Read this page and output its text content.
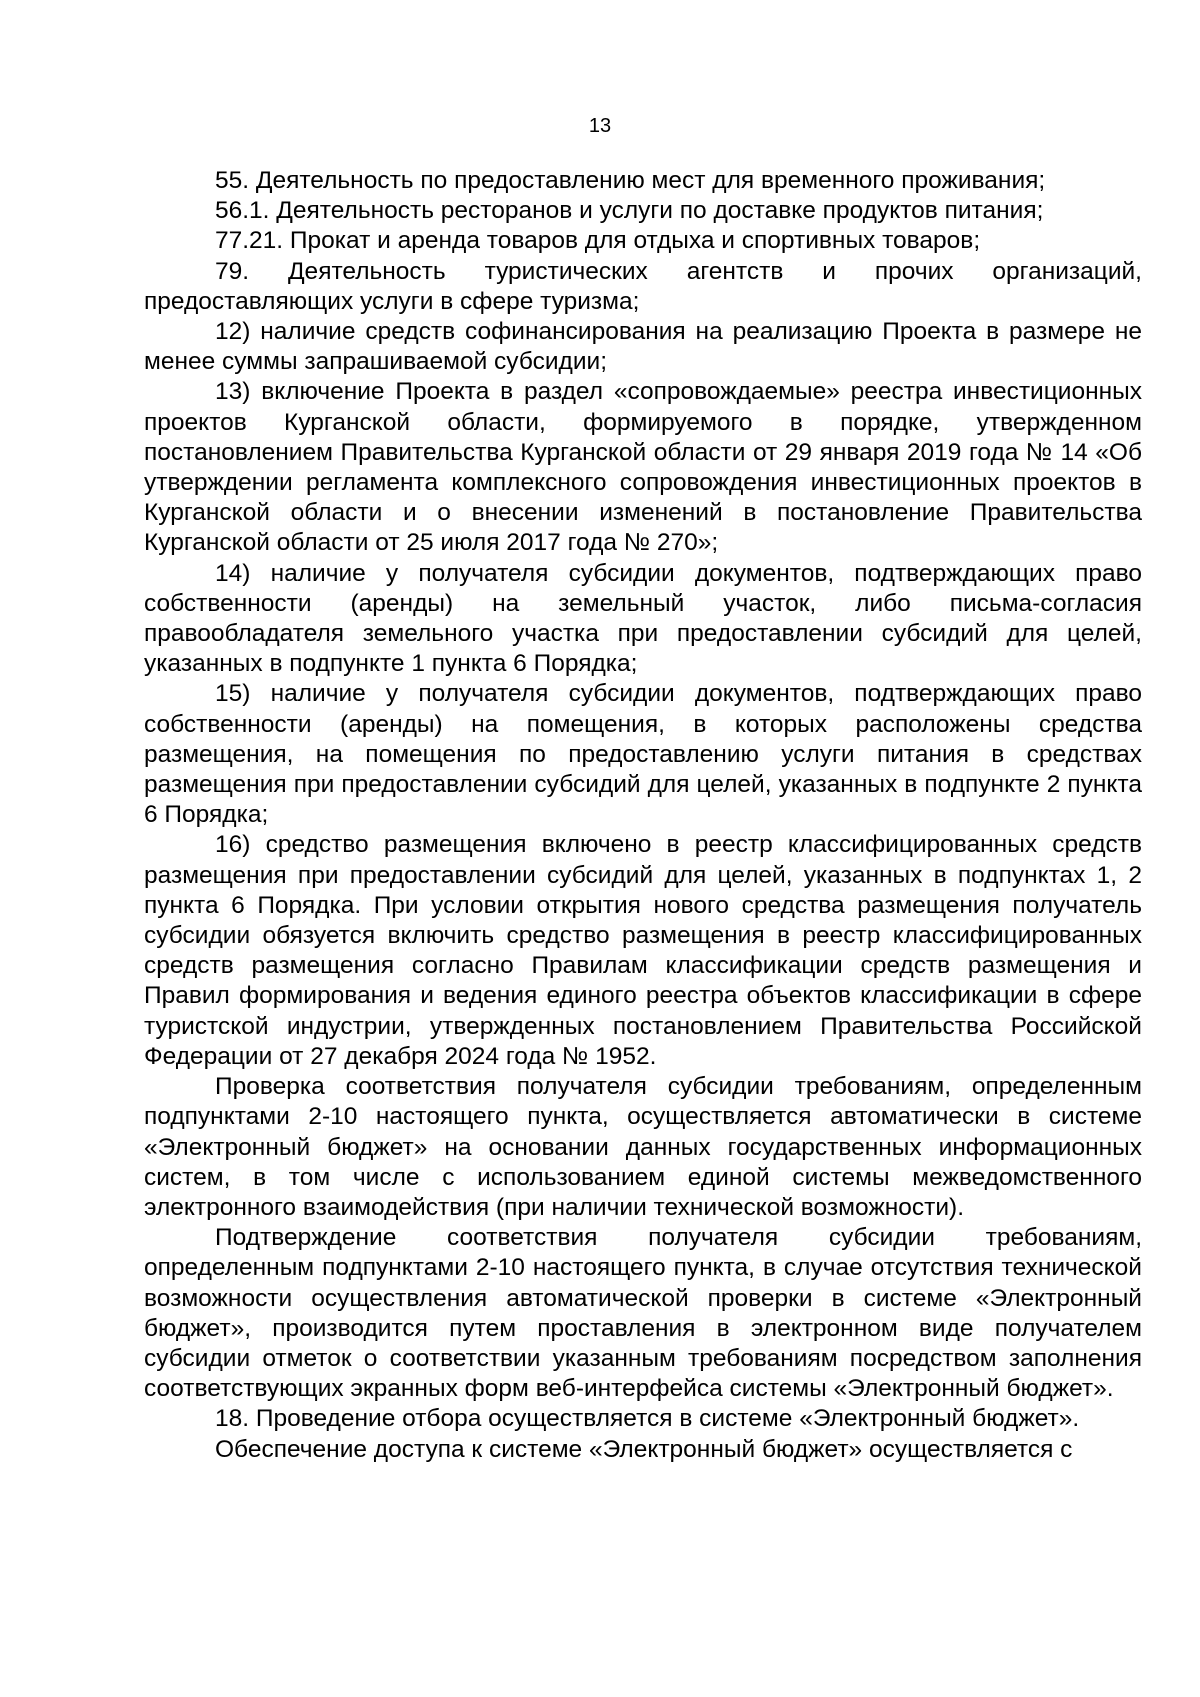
13

55. Деятельность по предоставлению мест для временного проживания;

56.1. Деятельность ресторанов и услуги по доставке продуктов питания;

77.21. Прокат и аренда товаров для отдыха и спортивных товаров;

79. Деятельность туристических агентств и прочих организаций, предоставляющих услуги в сфере туризма;

12) наличие средств софинансирования на реализацию Проекта в размере не менее суммы запрашиваемой субсидии;

13) включение Проекта в раздел «сопровождаемые» реестра инвестиционных проектов Курганской области, формируемого в порядке, утвержденном постановлением Правительства Курганской области от 29 января 2019 года № 14 «Об утверждении регламента комплексного сопровождения инвестиционных проектов в Курганской области и о внесении изменений в постановление Правительства Курганской области от 25 июля 2017 года № 270»;

14) наличие у получателя субсидии документов, подтверждающих право собственности (аренды) на земельный участок, либо письма-согласия правообладателя земельного участка при предоставлении субсидий для целей, указанных в подпункте 1 пункта 6 Порядка;

15) наличие у получателя субсидии документов, подтверждающих право собственности (аренды) на помещения, в которых расположены средства размещения, на помещения по предоставлению услуги питания в средствах размещения при предоставлении субсидий для целей, указанных в подпункте 2 пункта 6 Порядка;

16) средство размещения включено в реестр классифицированных средств размещения при предоставлении субсидий для целей, указанных в подпунктах 1, 2 пункта 6 Порядка. При условии открытия нового средства размещения получатель субсидии обязуется включить средство размещения в реестр классифицированных средств размещения согласно Правилам классификации средств размещения и Правил формирования и ведения единого реестра объектов классификации в сфере туристской индустрии, утвержденных постановлением Правительства Российской Федерации от 27 декабря 2024 года № 1952.

Проверка соответствия получателя субсидии требованиям, определенным подпунктами 2-10 настоящего пункта, осуществляется автоматически в системе «Электронный бюджет» на основании данных государственных информационных систем, в том числе с использованием единой системы межведомственного электронного взаимодействия (при наличии технической возможности).

Подтверждение соответствия получателя субсидии требованиям, определенным подпунктами 2-10 настоящего пункта, в случае отсутствия технической возможности осуществления автоматической проверки в системе «Электронный бюджет», производится путем проставления в электронном виде получателем субсидии отметок о соответствии указанным требованиям посредством заполнения соответствующих экранных форм веб-интерфейса системы «Электронный бюджет».

18. Проведение отбора осуществляется в системе «Электронный бюджет».

Обеспечение доступа к системе «Электронный бюджет» осуществляется с
